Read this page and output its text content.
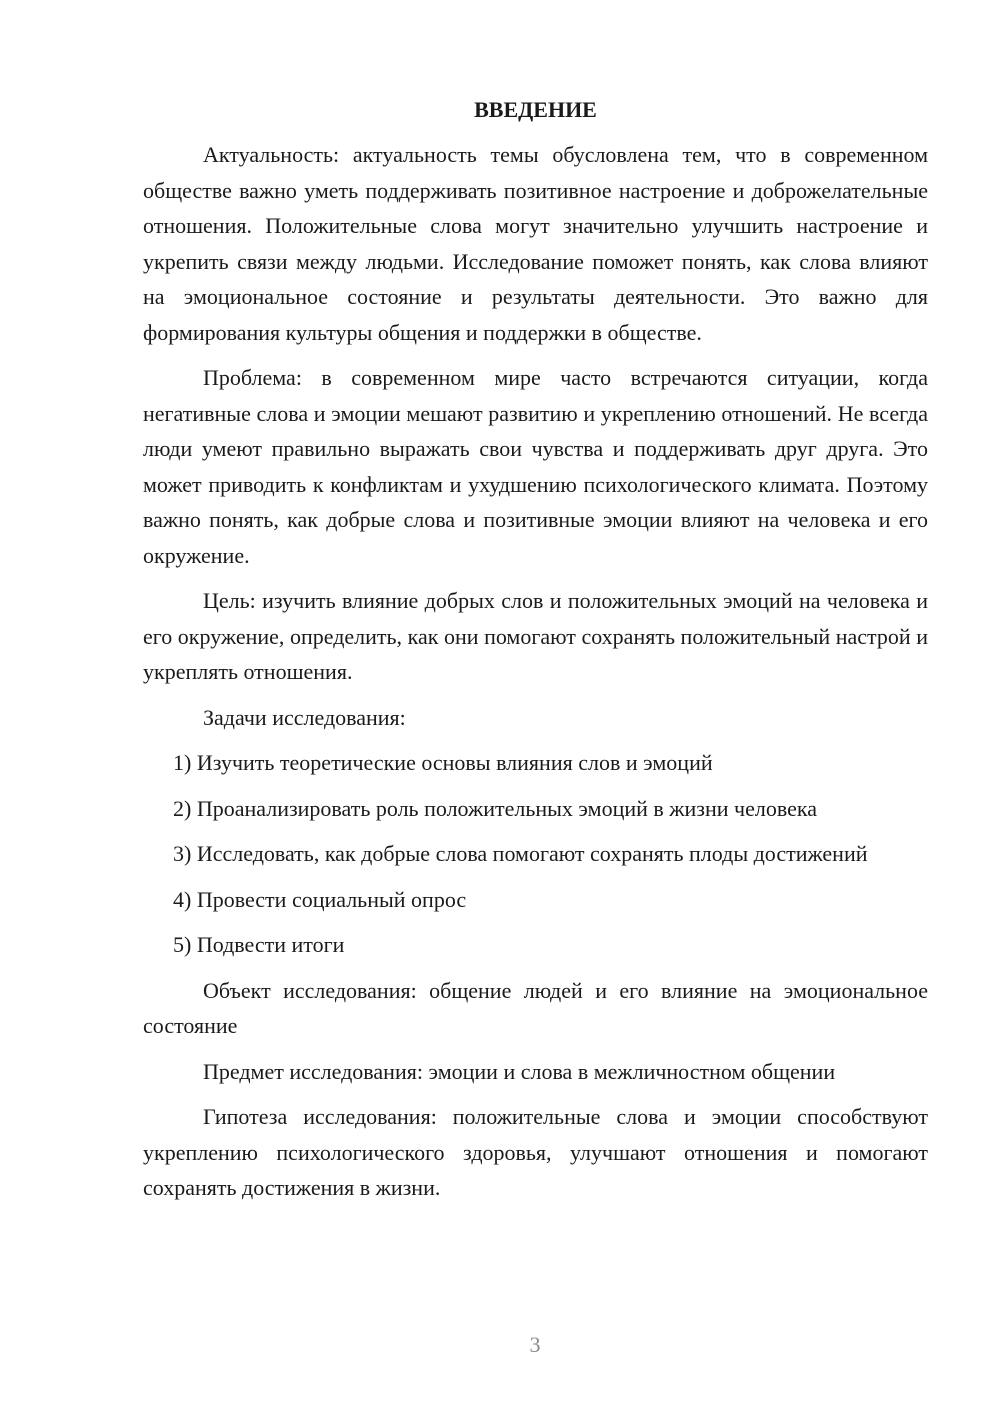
ВВЕДЕНИЕ

Актуальность: актуальность темы обусловлена тем, что в современном обществе важно уметь поддерживать позитивное настроение и доброжелательные отношения. Положительные слова могут значительно улучшить настроение и укрепить связи между людьми. Исследование поможет понять, как слова влияют на эмоциональное состояние и результаты деятельности. Это важно для формирования культуры общения и поддержки в обществе.

Проблема: в современном мире часто встречаются ситуации, когда негативные слова и эмоции мешают развитию и укреплению отношений. Не всегда люди умеют правильно выражать свои чувства и поддерживать друг друга. Это может приводить к конфликтам и ухудшению психологического климата. Поэтому важно понять, как добрые слова и позитивные эмоции влияют на человека и его окружение.

Цель: изучить влияние добрых слов и положительных эмоций на человека и его окружение, определить, как они помогают сохранять положительный настрой и укреплять отношения.

Задачи исследования:

1) Изучить теоретические основы влияния слов и эмоций

2) Проанализировать роль положительных эмоций в жизни человека

3) Исследовать, как добрые слова помогают сохранять плоды достижений

4) Провести социальный опрос

5) Подвести итоги

Объект исследования: общение людей и его влияние на эмоциональное состояние

Предмет исследования: эмоции и слова в межличностном общении

Гипотеза исследования: положительные слова и эмоции способствуют укреплению психологического здоровья, улучшают отношения и помогают сохранять достижения в жизни.

3
